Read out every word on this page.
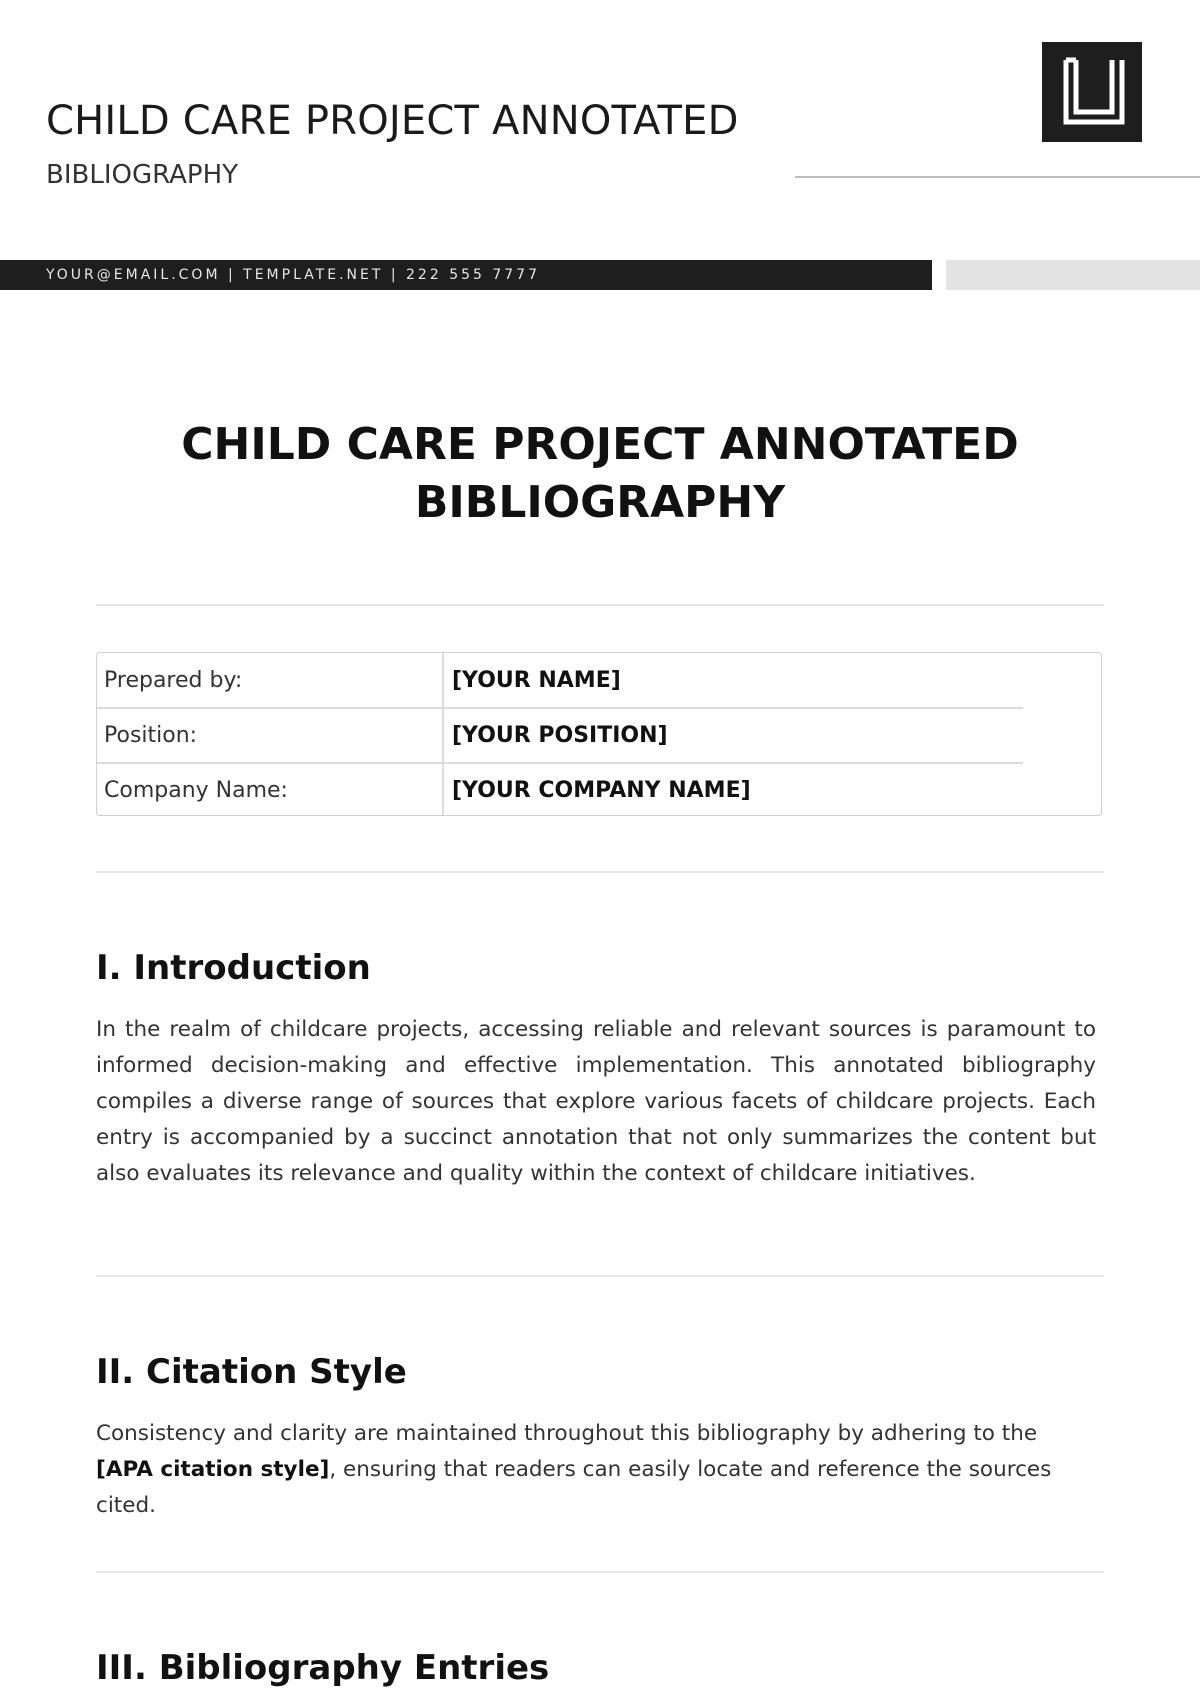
CHILD CARE PROJECT ANNOTATED

BIBLIOGRAPHY

YOUR@EMAIL.COM | TEMPLATE.NET | 222 555 7777
CHILD CARE PROJECT ANNOTATED BIBLIOGRAPHY
Prepared by:	[YOUR NAME]
Position:	[YOUR POSITION]
Company Name:	[YOUR COMPANY NAME]
I. Introduction

In the realm of childcare projects, accessing reliable and relevant sources is paramount to informed decision-making and effective implementation. This annotated bibliography compiles a diverse range of sources that explore various facets of childcare projects. Each entry is accompanied by a succinct annotation that not only summarizes the content but also evaluates its relevance and quality within the context of childcare initiatives.

II. Citation Style

Consistency and clarity are maintained throughout this bibliography by adhering to the [APA citation style], ensuring that readers can easily locate and reference the sources cited.

III. Bibliography Entries
